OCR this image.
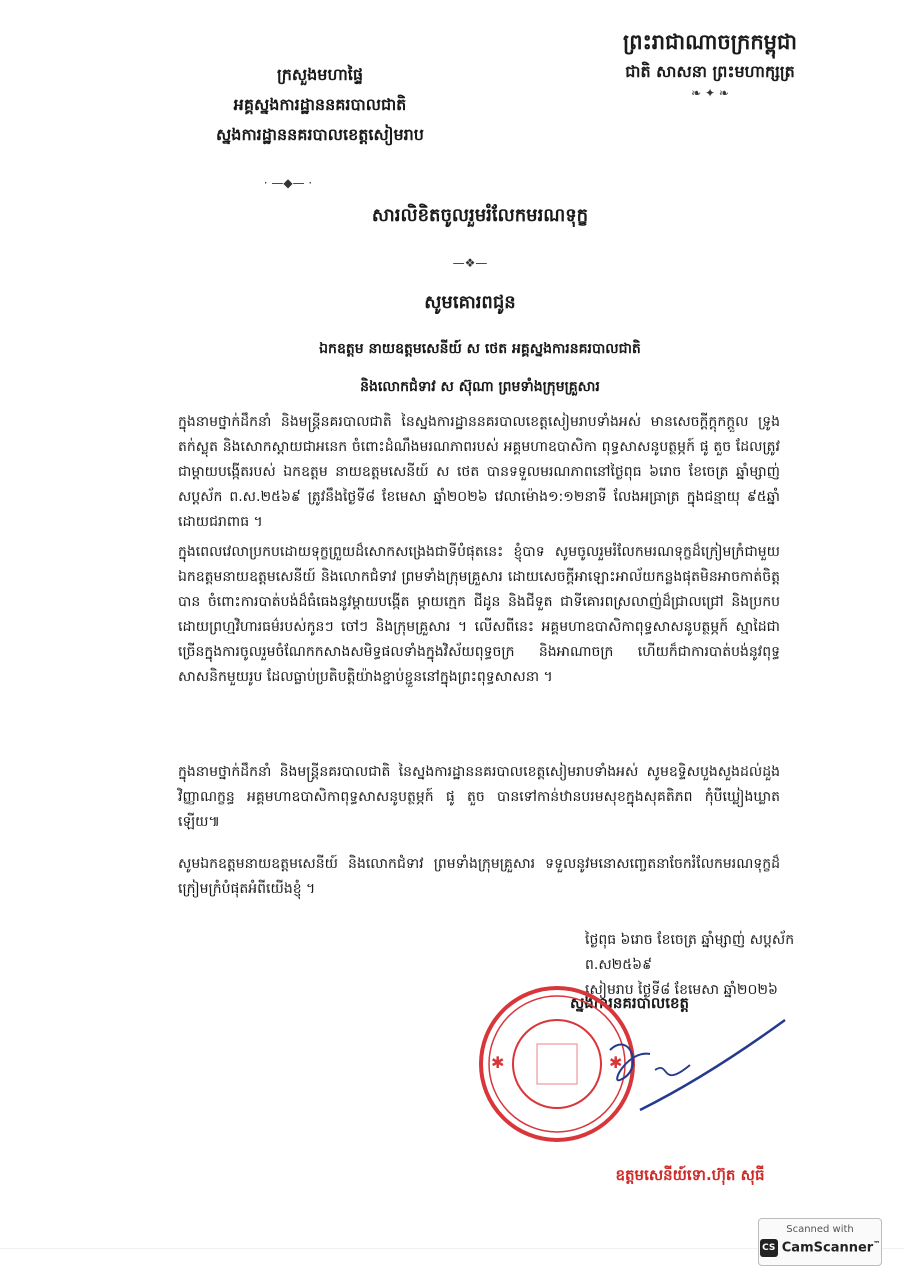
ព្រះរាជាណាចក្រកម្ពុជា
ជាតិ សាសនា ព្រះមហាក្សត្រ
❧ ✦ ❧
ក្រសួងមហាផ្ទៃ
អគ្គស្នងការដ្ឋាននគរបាលជាតិ
ស្នងការដ្ឋាននគរបាលខេត្តសៀមរាប
· —◆— ·
សារលិខិតចូលរួមរំលែកមរណទុក្ខ
—❖—
សូមគោរពជូន
ឯកឧត្តម នាយឧត្តមសេនីយ៍ ស ថេត អគ្គស្នងការនគរបាលជាតិ
និងលោកជំទាវ ស ស៊ុណា ព្រមទាំងក្រុមគ្រួសារ
ក្នុងនាមថ្នាក់ដឹកនាំ និងមន្ត្រីនគរបាលជាតិ នៃស្នងការដ្ឋាននគរបាលខេត្តសៀមរាបទាំងអស់ មានសេចក្តីក្តុកក្តួល ទ្រូងតក់ស្លុត និងសោកស្តាយជាអនេក ចំពោះដំណឹងមរណភាពរបស់ អគ្គមហាឧបាសិកា ពុទ្ធសាសនូបត្ថម្ភក៍ ផូ តួច ដែលត្រូវជាម្តាយបង្កើតរបស់ ឯកឧត្តម នាយឧត្តមសេនីយ៍ ស ថេត បានទទួលមរណភាពនៅថ្ងៃពុធ ៦រោច ខែចេត្រ ឆ្នាំម្សាញ់ សប្តស័ក ព.ស.២៥៦៩ ត្រូវនឹងថ្ងៃទី៨ ខែមេសា ឆ្នាំ២០២៦ វេលាម៉ោង១:១២នាទី លែងអធ្រាត្រ ក្នុងជន្មាយុ ៩៥ឆ្នាំ ដោយជរាពាធ ។
ក្នុងពេលវេលាប្រកបដោយទុក្ខព្រួយដ៏សោកសង្រេងជាទីបំផុតនេះ ខ្ញុំបាទ សូមចូលរួមរំលែកមរណទុក្ខដ៏ក្រៀមក្រំជាមួយ ឯកឧត្តមនាយឧត្តមសេនីយ៍ និងលោកជំទាវ ព្រមទាំងក្រុមគ្រួសារ ដោយសេចក្តីអាឡោះអាល័យកន្លងផុតមិនអាចកាត់ចិត្តបាន ចំពោះការបាត់បង់ដ៏ធំធេងនូវម្តាយបង្កើត ម្តាយក្មេក ជីដូន និងជីទួត ជាទីគោរពស្រលាញ់ដ៏ជ្រាលជ្រៅ និងប្រកបដោយព្រហ្មវិហារធម៌របស់កូនៗ ចៅៗ និងក្រុមគ្រួសារ ។ លើសពីនេះ អគ្គមហាឧបាសិកាពុទ្ធសាសនូបត្ថម្ភក៍ ស្មាដៃជាច្រើនក្នុងការចូលរួមចំណែកកសាងសមិទ្ធផលទាំងក្នុងវិស័យពុទ្ធចក្រ និងអាណាចក្រ ហើយក៏ជាការបាត់បង់នូវពុទ្ធសាសនិកមួយរូប ដែលធ្លាប់ប្រតិបត្តិយ៉ាងខ្ជាប់ខ្ជួននៅក្នុងព្រះពុទ្ធសាសនា ។
ក្នុងនាមថ្នាក់ដឹកនាំ និងមន្ត្រីនគរបាលជាតិ នៃស្នងការដ្ឋាននគរបាលខេត្តសៀមរាបទាំងអស់ សូមឧទ្ទិសបួងសួងដល់ដួងវិញ្ញាណក្ខន្ធ អគ្គមហាឧបាសិកាពុទ្ធសាសនូបត្ថម្ភក៍ ផូ តួច បានទៅកាន់ឋានបរមសុខក្នុងសុគតិភព កុំបីឃ្លៀងឃ្លាតឡើយ៕
សូមឯកឧត្តមនាយឧត្តមសេនីយ៍ និងលោកជំទាវ ព្រមទាំងក្រុមគ្រួសារ ទទួលនូវមនោសញ្ចេតនាចែករំលែកមរណទុក្ខដ៏ក្រៀមក្រំបំផុតអំពីយើងខ្ញុំ ។
ថ្ងៃពុធ ៦រោច ខែចេត្រ ឆ្នាំម្សាញ់ សប្តស័ក ព.ស២៥៦៩
សៀមរាប ថ្ងៃទី៨ ខែមេសា ឆ្នាំ២០២៦
ស្នងការនគរបាលខេត្ត
✱	✱
ឧត្តមសេនីយ៍ទោ.ហ៊ុត សុធី
Scanned with
CS CamScanner™
